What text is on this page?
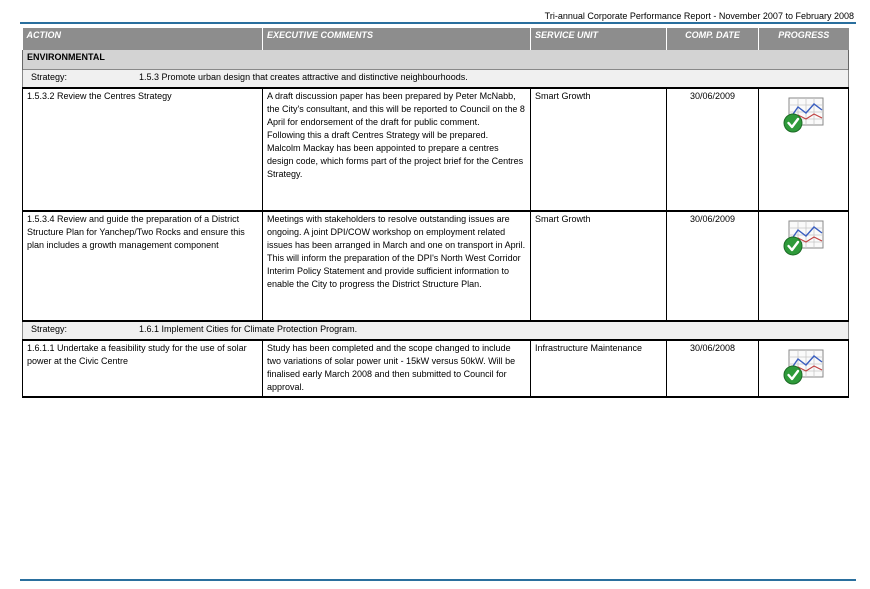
Tri-annual Corporate Performance Report - November 2007 to February 2008
ACTION	EXECUTIVE COMMENTS	SERVICE UNIT	COMP. DATE	PROGRESS
ENVIRONMENTAL				
Strategy: 1.5.3 Promote urban design that creates attractive and distinctive neighbourhoods.				
1.5.3.2 Review the Centres Strategy	A draft discussion paper has been prepared by Peter McNabb, the City's consultant, and this will be reported to Council on the 8 April for endorsement of the draft for public comment.
Following this a draft Centres Strategy will be prepared.
Malcolm Mackay has been appointed to prepare a centres design code, which forms part of the project brief for the Centres Strategy.	Smart Growth	30/06/2009	
1.5.3.4 Review and guide the preparation of a District Structure Plan for Yanchep/Two Rocks and ensure this plan includes a growth management component	Meetings with stakeholders to resolve outstanding issues are ongoing. A joint DPI/COW workshop on employment related issues has been arranged in March and one on transport in April. This will inform the preparation of the DPI's North West Corridor Interim Policy Statement and provide sufficient information to enable the City to progress the District Structure Plan.	Smart Growth	30/06/2009	
Strategy: 1.6.1 Implement Cities for Climate Protection Program.				
1.6.1.1 Undertake a feasibility study for the use of solar power at the Civic Centre	Study has been completed and the scope changed to include two variations of solar power unit - 15kW versus 50kW. Will be finalised early March 2008 and then submitted to Council for approval.	Infrastructure Maintenance	30/06/2008	
